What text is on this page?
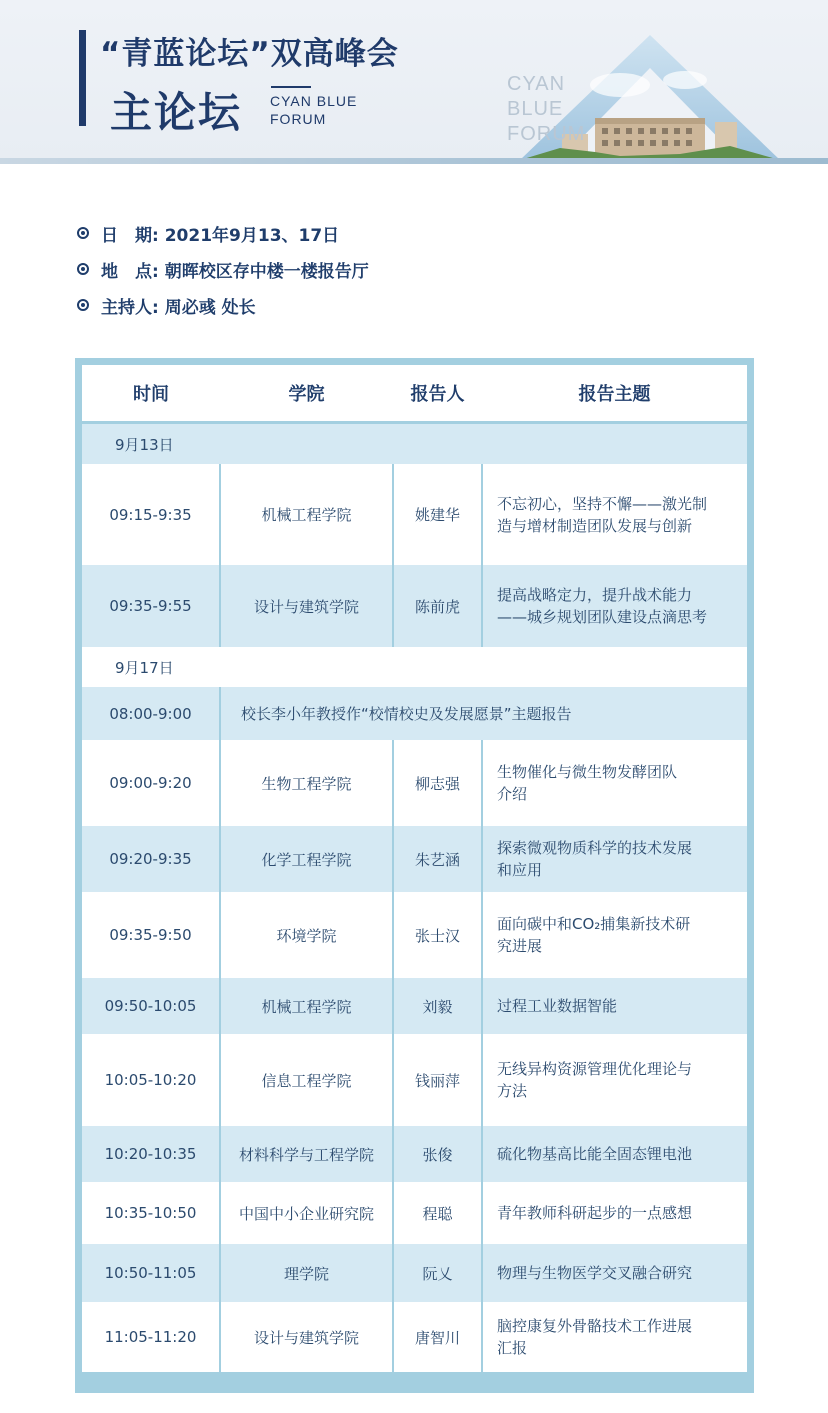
“青蓝论坛”双高峰会
主论坛 CYAN BLUE
FORUM
CYAN
BLUE
FORUM
日　期: 2021年9月13、17日
地　点: 朝晖校区存中楼一楼报告厅
主持人: 周必彧 处长
时间	学院	报告人	报告主题
9月13日			
09:15-9:35	机械工程学院	姚建华	不忘初心，坚持不懈——激光制
造与增材制造团队发展与创新

09:35-9:55	设计与建筑学院	陈前虎	提高战略定力，提升战术能力
——城乡规划团队建设点滴思考

9月17日			
08:00-9:00	校长李小年教授作“校情校史及发展愿景”主题报告		
09:00-9:20	生物工程学院	柳志强	生物催化与微生物发酵团队
介绍

09:20-9:35	化学工程学院	朱艺涵	探索微观物质科学的技术发展
和应用

09:35-9:50	环境学院	张士汉	面向碳中和CO₂捕集新技术研
究进展

09:50-10:05	机械工程学院	刘毅	过程工业数据智能

10:05-10:20	信息工程学院	钱丽萍	无线异构资源管理优化理论与
方法

10:20-10:35	材料科学与工程学院	张俊	硫化物基高比能全固态锂电池

10:35-10:50	中国中小企业研究院	程聪	青年教师科研起步的一点感想

10:50-11:05	理学院	阮乂	物理与生物医学交叉融合研究

11:05-11:20	设计与建筑学院	唐智川	脑控康复外骨骼技术工作进展
汇报
